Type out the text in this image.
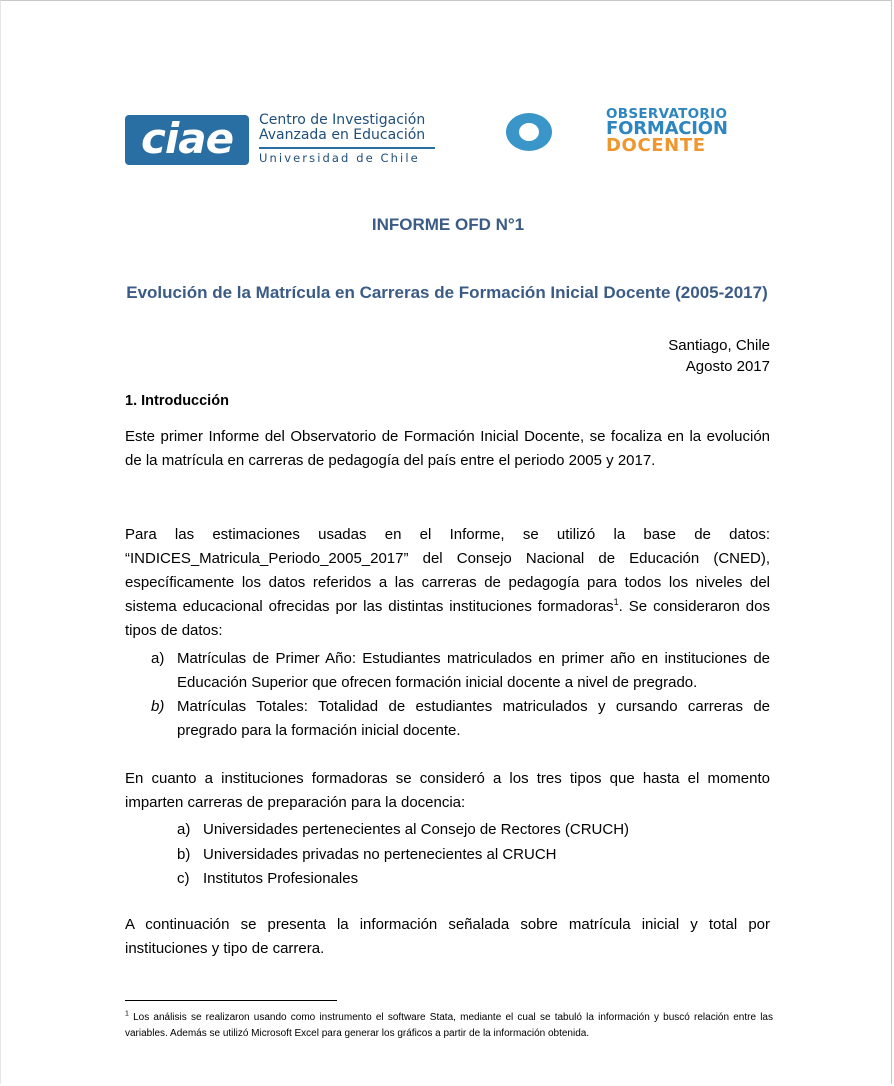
ciae	Centro de Investigación
Avanzada en Educación
Universidad de Chile
OBSERVATORIO
FORMACIÓN
DOCENTE
INFORME OFD N°1
Evolución de la Matrícula en Carreras de Formación Inicial Docente (2005-2017)
Santiago, Chile
Agosto 2017
1. Introducción
Este primer Informe del Observatorio de Formación Inicial Docente, se focaliza en la evolución de la matrícula en carreras de pedagogía del país entre el periodo 2005 y 2017.
Para las estimaciones usadas en el Informe, se utilizó la base de datos: “INDICES_Matricula_Periodo_2005_2017” del Consejo Nacional de Educación (CNED), específicamente los datos referidos a las carreras de pedagogía para todos los niveles del sistema educacional ofrecidas por las distintas instituciones formadoras$^1$. Se consideraron dos tipos de datos:
a) Matrículas de Primer Año: Estudiantes matriculados en primer año en instituciones de Educación Superior que ofrecen formación inicial docente a nivel de pregrado.
b) Matrículas Totales: Totalidad de estudiantes matriculados y cursando carreras de pregrado para la formación inicial docente.
En cuanto a instituciones formadoras se consideró a los tres tipos que hasta el momento imparten carreras de preparación para la docencia:
a) Universidades pertenecientes al Consejo de Rectores (CRUCH)
b) Universidades privadas no pertenecientes al CRUCH
c) Institutos Profesionales
A continuación se presenta la información señalada sobre matrícula inicial y total por instituciones y tipo de carrera.
$^1$ Los análisis se realizaron usando como instrumento el software Stata, mediante el cual se tabuló la información y buscó relación entre las variables. Además se utilizó Microsoft Excel para generar los gráficos a partir de la información obtenida.
